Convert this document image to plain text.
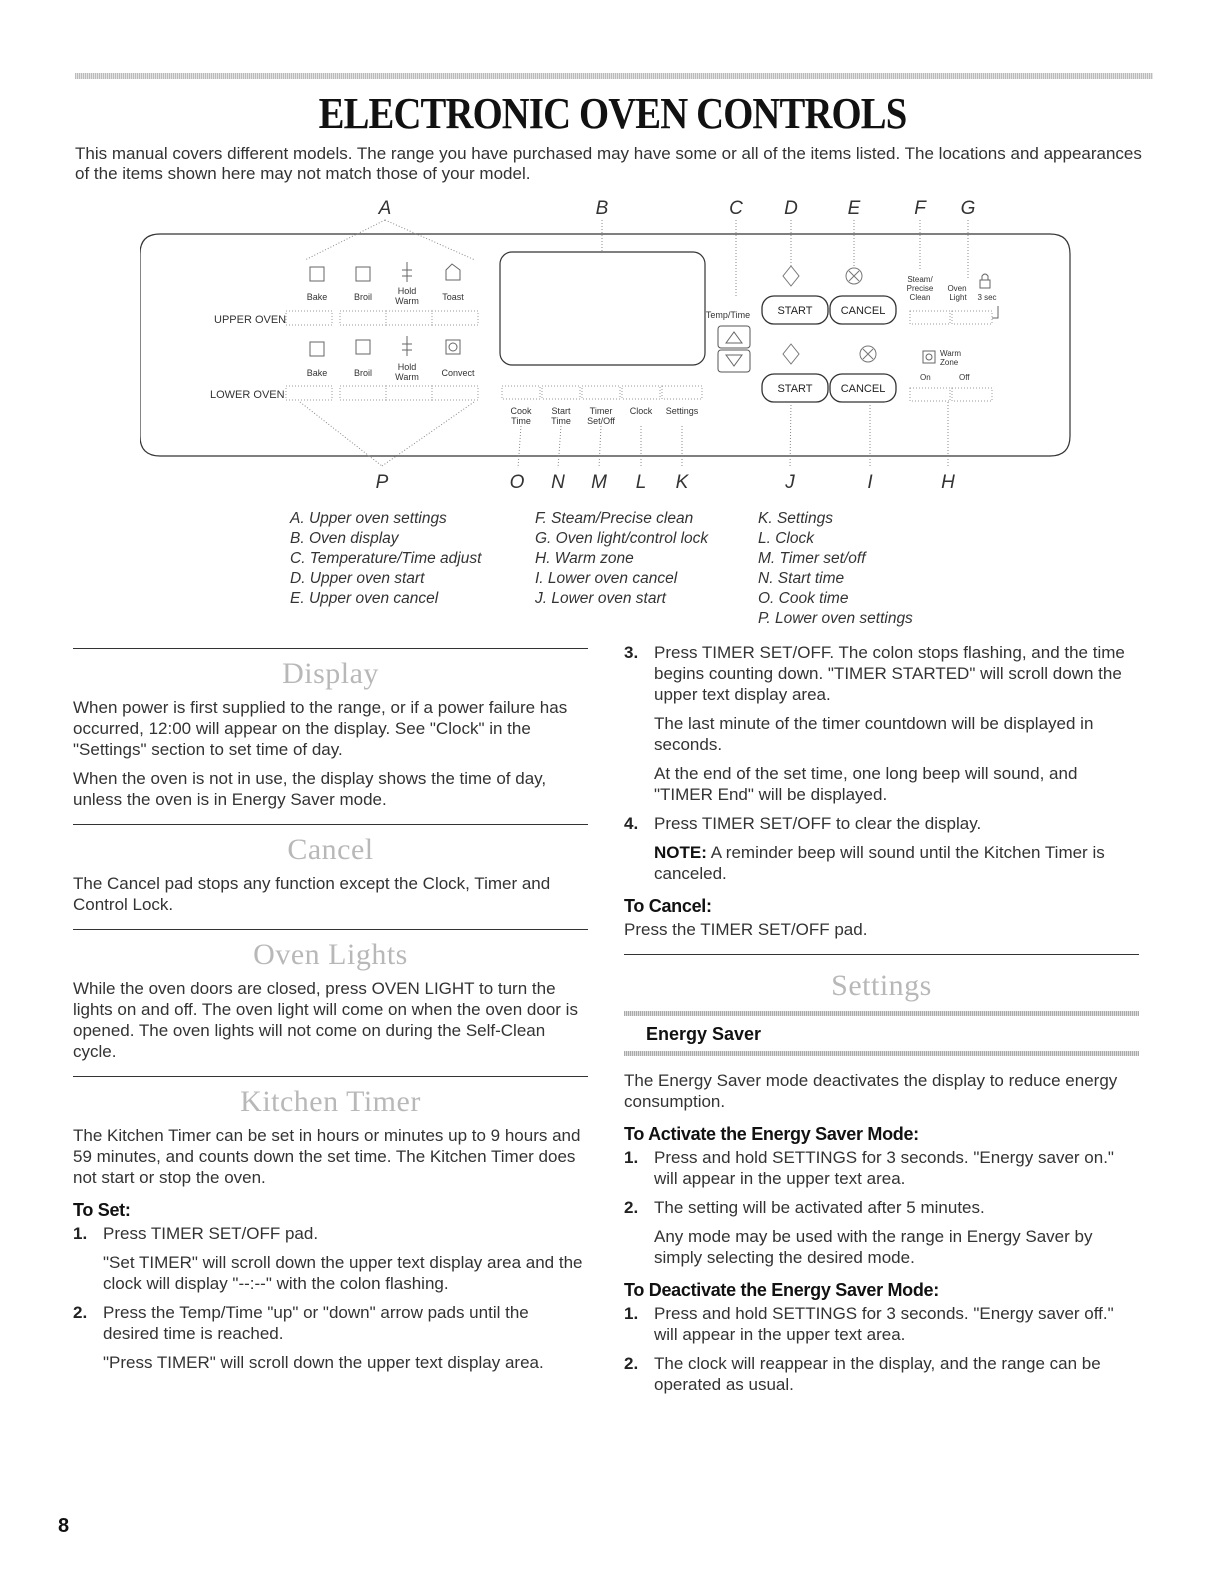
ELECTRONIC OVEN CONTROLS

This manual covers different models. The range you have purchased may have some or all of the items listed. The locations and appearances of the items shown here may not match those of your model.

A	B	C D	E	F G
Bake	Broil
Hold
Warm	Toast
UPPER OVEN
Bake	Broil
Hold
Warm	Convect
LOWER OVEN
Cook
Time
Start
Time
Timer
Set/Off
Clock Settings
Temp/Time START	CANCEL
START	CANCEL
Steam/
Precise
Clean
Oven
Light 3 sec
Warm
Zone
On	Off
P	O N M L K	J	I	H
A. Upper oven settings
B. Oven display
C. Temperature/Time adjust
D. Upper oven start
E. Upper oven cancel
F. Steam/Precise clean
G. Oven light/control lock
H. Warm zone
I. Lower oven cancel
J. Lower oven start
K. Settings
L. Clock
M. Timer set/off
N. Start time
O. Cook time
P. Lower oven settings
Display

When power is first supplied to the range, or if a power failure has occurred, 12:00 will appear on the display. See "Clock" in the "Settings" section to set time of day.

When the oven is not in use, the display shows the time of day, unless the oven is in Energy Saver mode.

Cancel

The Cancel pad stops any function except the Clock, Timer and Control Lock.

Oven Lights

While the oven doors are closed, press OVEN LIGHT to turn the lights on and off. The oven light will come on when the oven door is opened. The oven lights will not come on during the Self-Clean cycle.

Kitchen Timer

The Kitchen Timer can be set in hours or minutes up to 9 hours and 59 minutes, and counts down the set time. The Kitchen Timer does not start or stop the oven.

To Set:
1. Press TIMER SET/OFF pad.

"Set TIMER" will scroll down the upper text display area and the clock will display "--:--" with the colon flashing.

2. Press the Temp/Time "up" or "down" arrow pads until the desired time is reached.

"Press TIMER" will scroll down the upper text display area.

3. Press TIMER SET/OFF. The colon stops flashing, and the time begins counting down. "TIMER STARTED" will scroll down the upper text display area.

The last minute of the timer countdown will be displayed in seconds.

At the end of the set time, one long beep will sound, and "TIMER End" will be displayed.

4. Press TIMER SET/OFF to clear the display.

NOTE: A reminder beep will sound until the Kitchen Timer is canceled.

To Cancel:

Press the TIMER SET/OFF pad.

Settings
Energy Saver

The Energy Saver mode deactivates the display to reduce energy consumption.

To Activate the Energy Saver Mode:
1. Press and hold SETTINGS for 3 seconds. "Energy saver on." will appear in the upper text area.
2. The setting will be activated after 5 minutes.

Any mode may be used with the range in Energy Saver by simply selecting the desired mode.

To Deactivate the Energy Saver Mode:
1. Press and hold SETTINGS for 3 seconds. "Energy saver off." will appear in the upper text area.
2. The clock will reappear in the display, and the range can be operated as usual.
8
